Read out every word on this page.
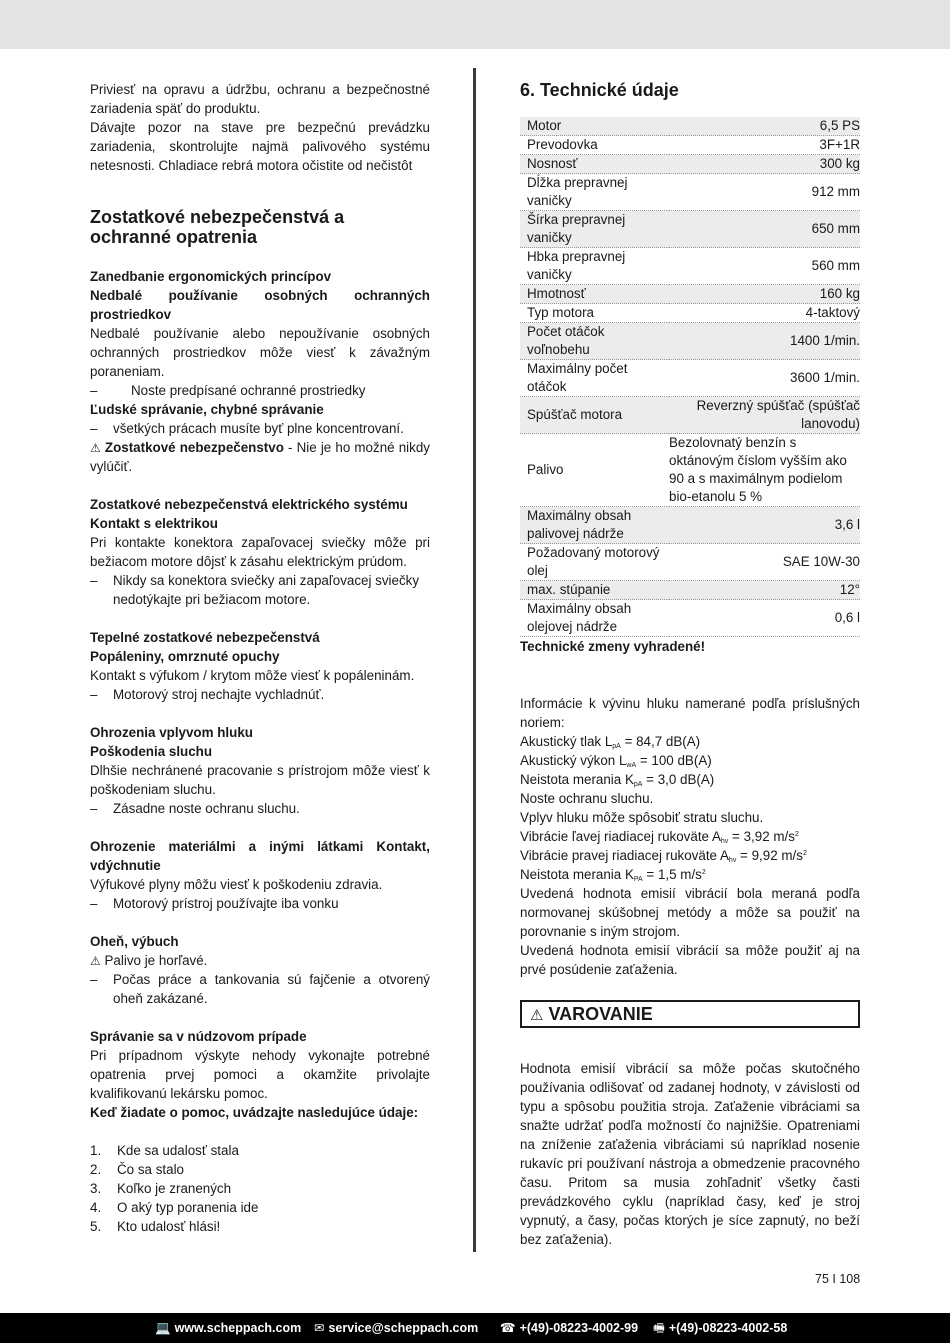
Priviesť na opravu a údržbu, ochranu a bezpečnostné zariadenia späť do produktu.

Dávajte pozor na stave pre bezpečnú prevádzku zariadenia, skontrolujte najmä palivového systému netesnosti. Chladiace rebrá motora očistite od nečistôt

Zostatkové nebezpečenstvá a ochranné opatrenia

Zanedbanie ergonomických princípov

Nedbalé používanie osobných ochranných prostriedkov

Nedbalé používanie alebo nepoužívanie osobných ochranných prostriedkov môže viesť k závažným poraneniam.

–	Noste predpísané ochranné prostriedky

Ľudské správanie, chybné správanie

–	všetkých prácach musíte byť plne koncentrovaní.

⚠ Zostatkové nebezpečenstvo - Nie je ho možné nikdy vylúčiť.

Zostatkové nebezpečenstvá elektrického systému

Kontakt s elektrikou

Pri kontakte konektora zapaľovacej sviečky môže pri bežiacom motore dôjsť k zásahu elektrickým prúdom.

–	Nikdy sa konektora sviečky ani zapaľovacej sviečky nedotýkajte pri bežiacom motore.

Tepelné zostatkové nebezpečenstvá

Popáleniny, omrznuté opuchy

Kontakt s výfukom / krytom môže viesť k popáleninám.

–	Motorový stroj nechajte vychladnúť.

Ohrozenia vplyvom hluku

Poškodenia sluchu

Dlhšie nechránené pracovanie s prístrojom môže viesť k poškodeniam sluchu.

–	Zásadne noste ochranu sluchu.

Ohrozenie materiálmi a inými látkami Kontakt, vdýchnutie

Výfukové plyny môžu viesť k poškodeniu zdravia.

–	Motorový prístroj používajte iba vonku

Oheň, výbuch

⚠ Palivo je horľavé.

–	Počas práce a tankovania sú fajčenie a otvorený oheň zakázané.

Správanie sa v núdzovom prípade

Pri prípadnom výskyte nehody vykonajte potrebné opatrenia prvej pomoci a okamžite privolajte kvalifikovanú lekársku pomoc.

Keď žiadate o pomoc, uvádzajte nasledujúce údaje:

1.	Kde sa udalosť stala
2.	Čo sa stalo
3.	Koľko je zranených
4.	O aký typ poranenia ide
5.	Kto udalosť hlási!
6. Technické údaje
Motor	6,5 PS
Prevodovka	3F+1R
Nosnosť	300 kg
Dĺžka prepravnej vaničky	912 mm
Šírka prepravnej vaničky	650 mm
Hbka prepravnej vaničky	560 mm
Hmotnosť	160 kg
Typ motora	4-taktový
Počet otáčok voľnobehu	1400 1/min.
Maximálny počet otáčok	3600 1/min.
Spúšťač motora	Reverzný spúšťač (spúšťač lanovodu)
Palivo	Bezolovnatý benzín s oktánovým číslom vyšším ako 90 a s maximálnym podielom bio-etanolu 5 %
Maximálny obsah palivovej nádrže	3,6 l
Požadovaný motorový olej	SAE 10W-30
max. stúpanie	12°
Maximálny obsah olejovej nádrže	0,6 l

Technické zmeny vyhradené!

Informácie k vývinu hluku namerané podľa príslušných noriem:

Akustický tlak $L_{pA} = 84,7$ dB(A)

Akustický výkon $L_{wA} = 100$ dB(A)

Neistota merania $K_{pA} = 3,0$ dB(A)

Noste ochranu sluchu.

Vplyv hluku môže spôsobiť stratu sluchu.

Vibrácie ľavej riadiacej rukoväte $A_{hv} = 3,92$ $m/s^2$

Vibrácie pravej riadiacej rukoväte $A_{hv} = 9,92$ $m/s^2$

Neistota merania $K_{PA} = 1,5$ $m/s^2$

Uvedená hodnota emisií vibrácií bola meraná podľa normovanej skúšobnej metódy a môže sa použiť na porovnanie s iným strojom.

Uvedená hodnota emisií vibrácií sa môže použiť aj na prvé posúdenie zaťaženia.

⚠ VAROVANIE

Hodnota emisií vibrácií sa môže počas skutočného používania odlišovať od zadanej hodnoty, v závislosti od typu a spôsobu použitia stroja. Zaťaženie vibráciami sa snažte udržať podľa možností čo najnižšie. Opatreniami na zníženie zaťaženia vibráciami sú napríklad nosenie rukavíc pri používaní nástroja a obmedzenie pracovného času. Pritom sa musia zohľadniť všetky časti prevádzkového cyklu (napríklad časy, keď je stroj vypnutý, a časy, počas ktorých je síce zapnutý, no beží bez zaťaženia).

75 I 108
💻 www.scheppach.com ✉ service@scheppach.com ☎ +(49)-08223-4002-99 🖷 +(49)-08223-4002-58
